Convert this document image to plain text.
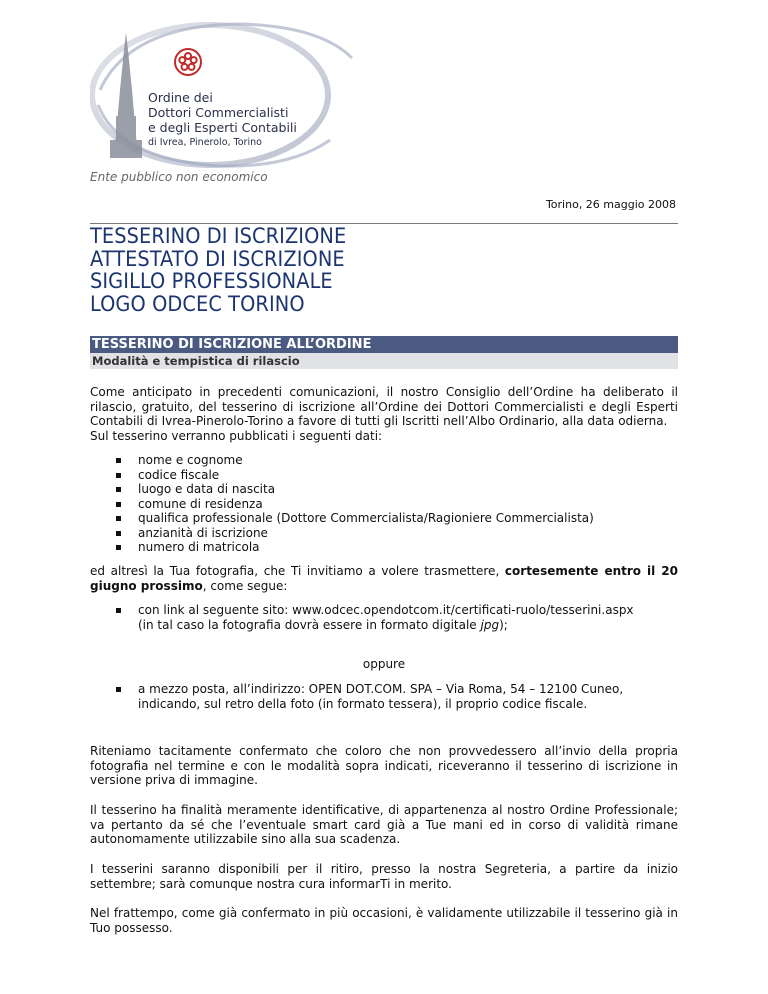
Ordine dei
Dottori Commercialisti
e degli Esperti Contabili
di Ivrea, Pinerolo, Torino
Ente pubblico non economico
Torino, 26 maggio 2008
TESSERINO DI ISCRIZIONE
ATTESTATO DI ISCRIZIONE
SIGILLO PROFESSIONALE
LOGO ODCEC TORINO
TESSERINO DI ISCRIZIONE ALL’ORDINE
Modalità e tempistica di rilascio
Come anticipato in precedenti comunicazioni, il nostro Consiglio dell’Ordine ha deliberato il rilascio, gratuito, del tesserino di iscrizione all’Ordine dei Dottori Commercialisti e degli Esperti Contabili di Ivrea-Pinerolo-Torino a favore di tutti gli Iscritti nell’Albo Ordinario, alla data odierna.
Sul tesserino verranno pubblicati i seguenti dati:
nome e cognome
codice fiscale
luogo e data di nascita
comune di residenza
qualifica professionale (Dottore Commercialista/Ragioniere Commercialista)
anzianità di iscrizione
numero di matricola
ed altresì la Tua fotografia, che Ti invitiamo a volere trasmettere, cortesemente entro il 20 giugno prossimo, come segue:
con link al seguente sito: www.odcec.opendotcom.it/certificati-ruolo/tesserini.aspx
(in tal caso la fotografia dovrà essere in formato digitale jpg);
oppure
a mezzo posta, all’indirizzo: OPEN DOT.COM. SPA – Via Roma, 54 – 12100 Cuneo,
indicando, sul retro della foto (in formato tessera), il proprio codice fiscale.
Riteniamo tacitamente confermato che coloro che non provvedessero all’invio della propria fotografia nel termine e con le modalità sopra indicati, riceveranno il tesserino di iscrizione in versione priva di immagine.
Il tesserino ha finalità meramente identificative, di appartenenza al nostro Ordine Professionale; va pertanto da sé che l’eventuale smart card già a Tue mani ed in corso di validità rimane autonomamente utilizzabile sino alla sua scadenza.
I tesserini saranno disponibili per il ritiro, presso la nostra Segreteria, a partire da inizio settembre; sarà comunque nostra cura informarTi in merito.
Nel frattempo, come già confermato in più occasioni, è validamente utilizzabile il tesserino già in Tuo possesso.
